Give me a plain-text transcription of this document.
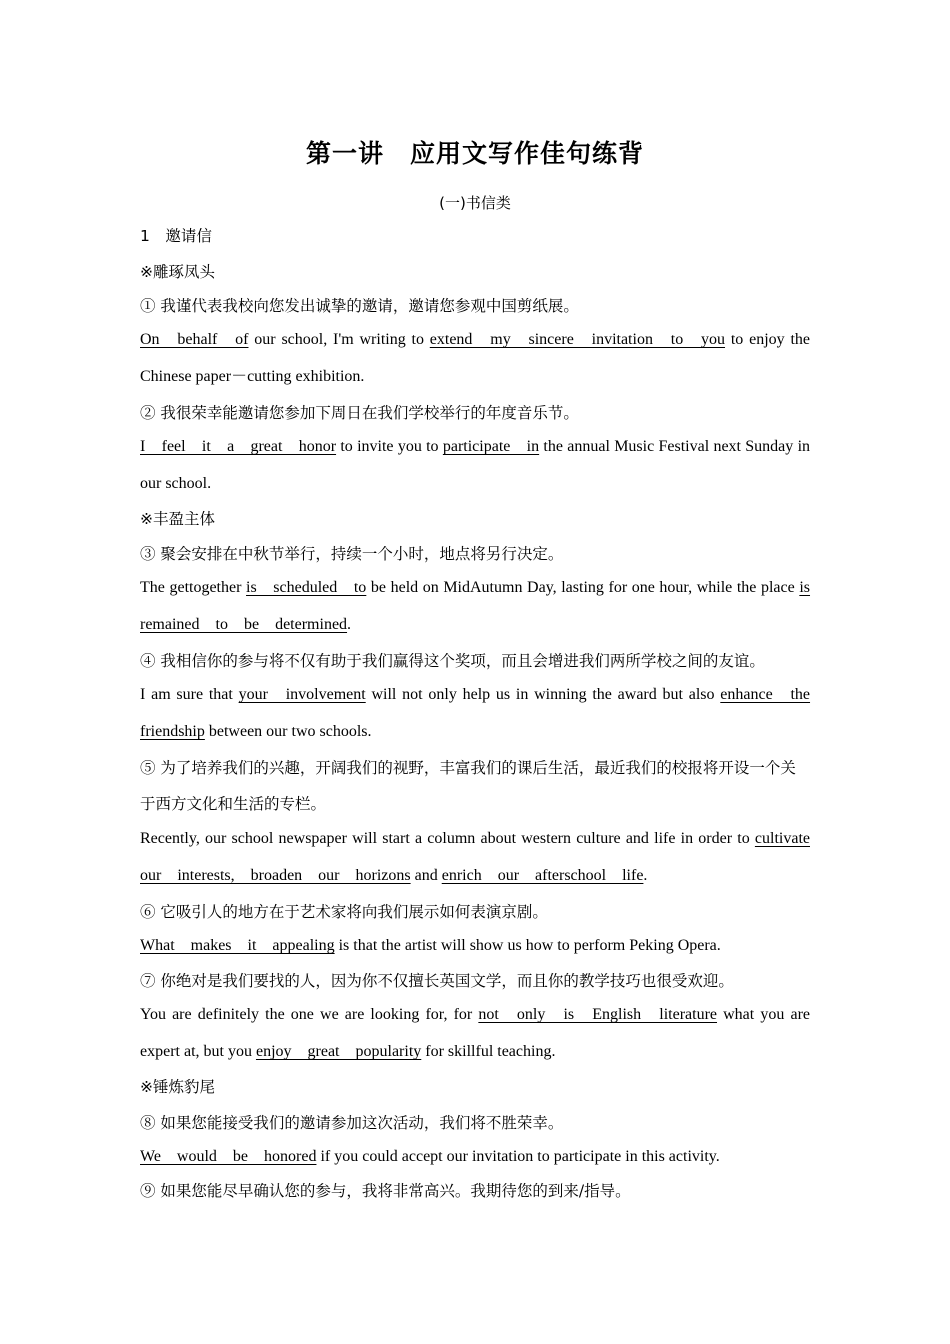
第一讲　应用文写作佳句练背
(一)书信类
1　邀请信
※雕琢凤头
① 我谨代表我校向您发出诚挚的邀请，邀请您参观中国剪纸展。
On behalf of our school, I'm writing to extend my sincere invitation to you to enjoy the Chinese paper－cutting exhibition.
② 我很荣幸能邀请您参加下周日在我们学校举行的年度音乐节。
I feel it a great honor to invite you to participate in the annual Music Festival next Sunday in our school.
※丰盈主体
③ 聚会安排在中秋节举行，持续一个小时，地点将另行决定。
The gettogether is scheduled to be held on MidAutumn Day, lasting for one hour, while the place is remained to be determined.
④ 我相信你的参与将不仅有助于我们赢得这个奖项，而且会增进我们两所学校之间的友谊。
I am sure that your involvement will not only help us in winning the award but also enhance the friendship between our two schools.
⑤ 为了培养我们的兴趣，开阔我们的视野，丰富我们的课后生活，最近我们的校报将开设一个关于西方文化和生活的专栏。
Recently, our school newspaper will start a column about western culture and life in order to cultivate our interests, broaden our horizons and enrich our afterschool life.
⑥ 它吸引人的地方在于艺术家将向我们展示如何表演京剧。
What makes it appealing is that the artist will show us how to perform Peking Opera.
⑦ 你绝对是我们要找的人，因为你不仅擅长英国文学，而且你的教学技巧也很受欢迎。
You are definitely the one we are looking for, for not only is English literature what you are expert at, but you enjoy great popularity for skillful teaching.
※锤炼豹尾
⑧ 如果您能接受我们的邀请参加这次活动，我们将不胜荣幸。
We would be honored if you could accept our invitation to participate in this activity.
⑨ 如果您能尽早确认您的参与，我将非常高兴。我期待您的到来/指导。
